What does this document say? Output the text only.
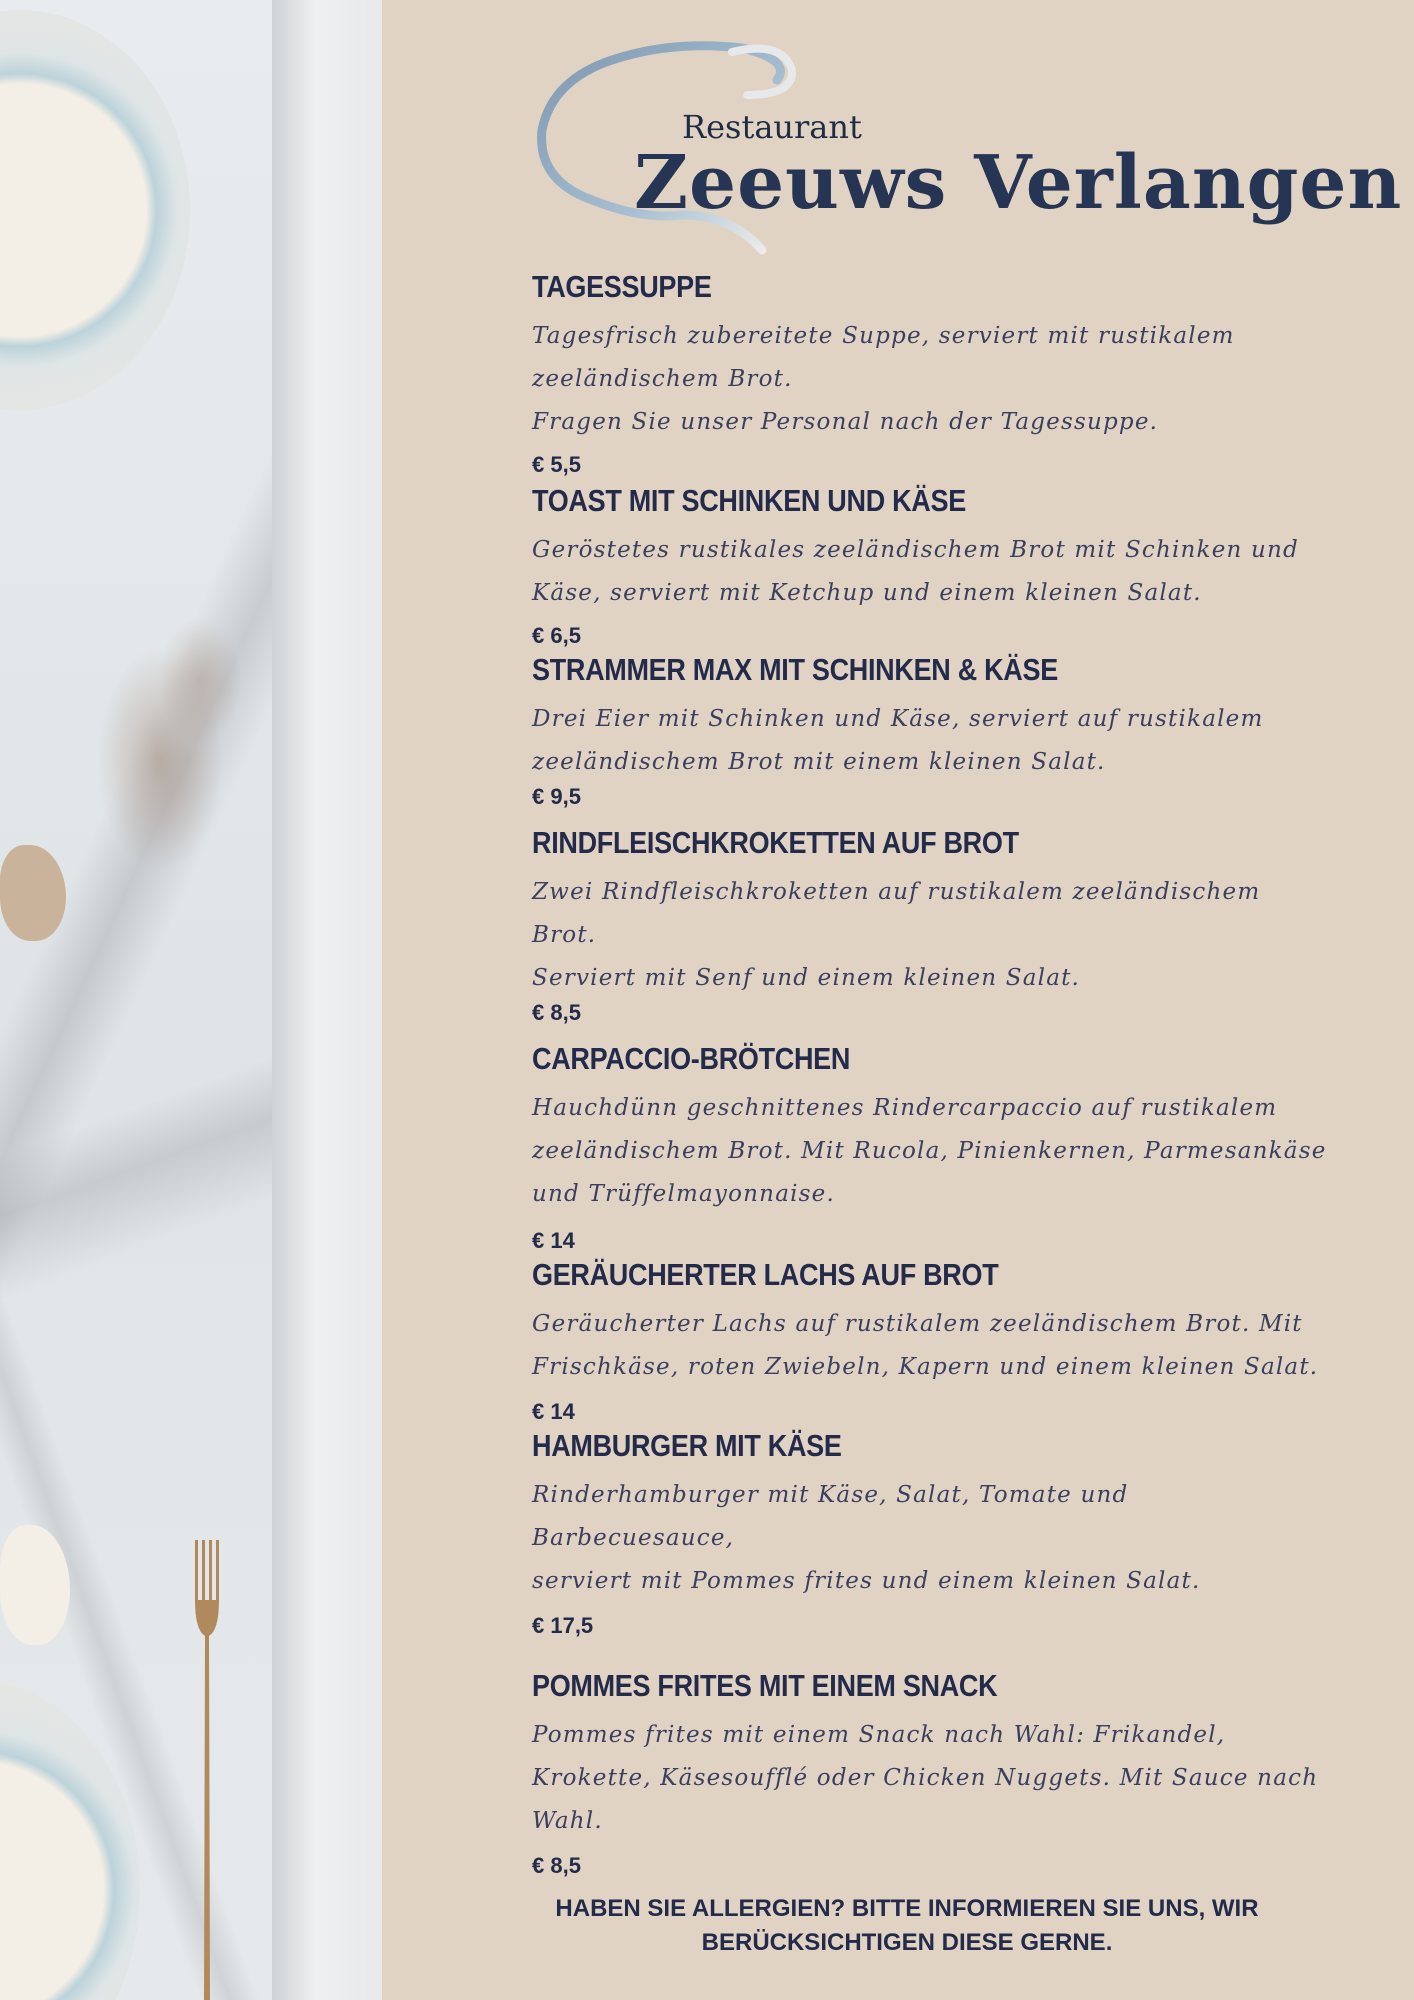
Restaurant
Zeeuws Verlangen
TAGESSUPPE

Tagesfrisch zubereitete Suppe, serviert mit rustikalem
zeeländischem Brot.
Fragen Sie unser Personal nach der Tagessuppe.

€ 5,5
TOAST MIT SCHINKEN UND KÄSE

Geröstetes rustikales zeeländischem Brot mit Schinken und
Käse, serviert mit Ketchup und einem kleinen Salat.

€ 6,5
STRAMMER MAX MIT SCHINKEN & KÄSE

Drei Eier mit Schinken und Käse, serviert auf rustikalem
zeeländischem Brot mit einem kleinen Salat.

€ 9,5
RINDFLEISCHKROKETTEN AUF BROT

Zwei Rindfleischkroketten auf rustikalem zeeländischem Brot.
Serviert mit Senf und einem kleinen Salat.

€ 8,5
CARPACCIO-BRÖTCHEN

Hauchdünn geschnittenes Rindercarpaccio auf rustikalem
zeeländischem Brot. Mit Rucola, Pinienkernen, Parmesankäse
und Trüffelmayonnaise.

€ 14
GERÄUCHERTER LACHS AUF BROT

Geräucherter Lachs auf rustikalem zeeländischem Brot. Mit
Frischkäse, roten Zwiebeln, Kapern und einem kleinen Salat.

€ 14
HAMBURGER MIT KÄSE

Rinderhamburger mit Käse, Salat, Tomate und Barbecuesauce,
serviert mit Pommes frites und einem kleinen Salat.

€ 17,5
POMMES FRITES MIT EINEM SNACK

Pommes frites mit einem Snack nach Wahl: Frikandel,
Krokette, Käsesoufflé oder Chicken Nuggets. Mit Sauce nach
Wahl.

€ 8,5
HABEN SIE ALLERGIEN? BITTE INFORMIEREN SIE UNS, WIR
BERÜCKSICHTIGEN DIESE GERNE.
